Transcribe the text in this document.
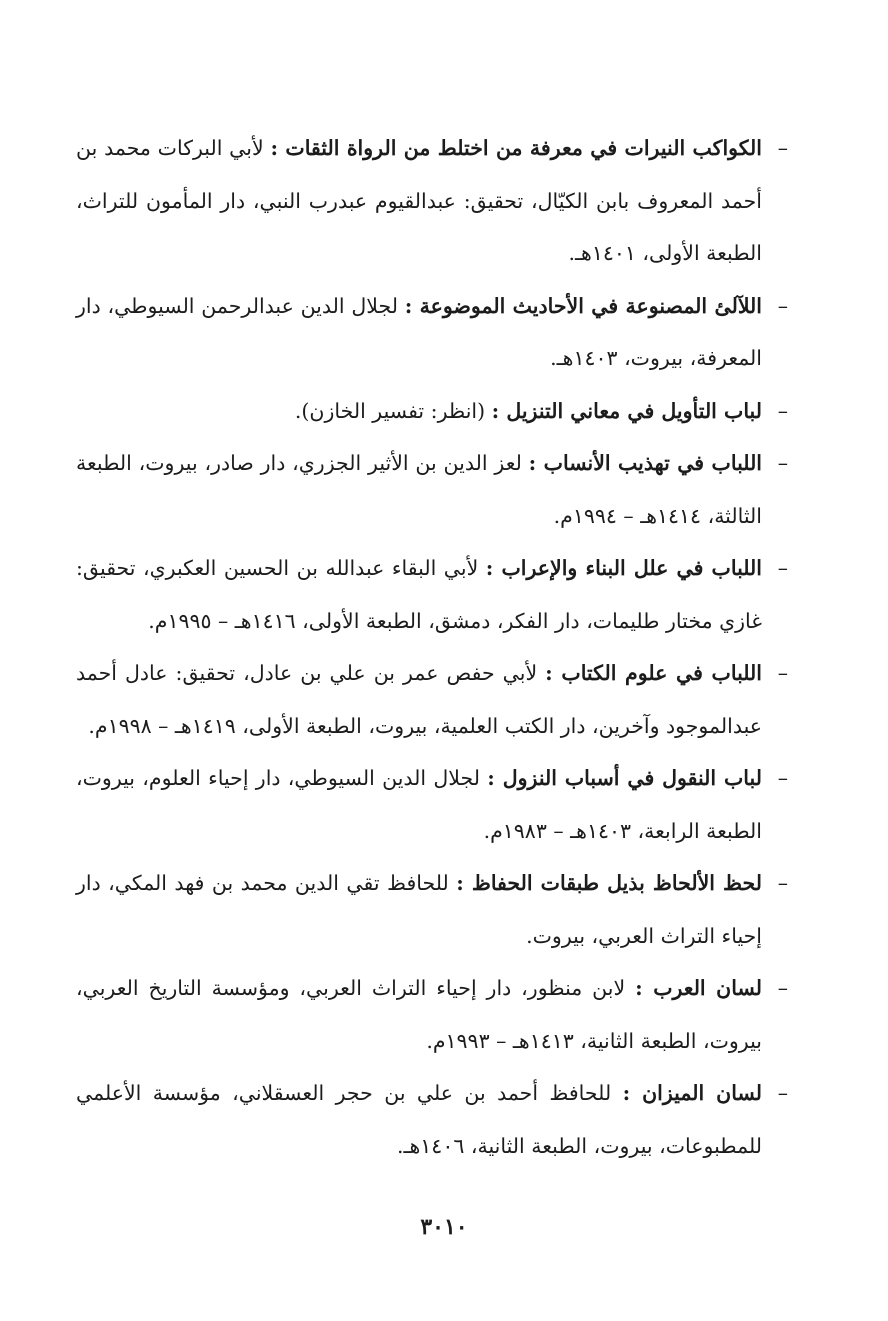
–
الكواكب النيرات في معرفة من اختلط من الرواة الثقات : لأبي البركات محمد بن أحمد المعروف بابن الكيّال، تحقيق: عبدالقيوم عبدرب النبي، دار المأمون للتراث، الطبعة الأولى، ١٤٠١هـ.

–
اللآلئ المصنوعة في الأحاديث الموضوعة : لجلال الدين عبدالرحمن السيوطي، دار المعرفة، بيروت، ١٤٠٣هـ.

–
لباب التأويل في معاني التنزيل : (انظر: تفسير الخازن).

–
اللباب في تهذيب الأنساب : لعز الدين بن الأثير الجزري، دار صادر، بيروت، الطبعة الثالثة، ١٤١٤هـ – ١٩٩٤م.

–
اللباب في علل البناء والإعراب : لأبي البقاء عبدالله بن الحسين العكبري، تحقيق: غازي مختار طليمات، دار الفكر، دمشق، الطبعة الأولى، ١٤١٦هـ – ١٩٩٥م.

–
اللباب في علوم الكتاب : لأبي حفص عمر بن علي بن عادل، تحقيق: عادل أحمد عبدالموجود وآخرين، دار الكتب العلمية، بيروت، الطبعة الأولى، ١٤١٩هـ – ١٩٩٨م.

–
لباب النقول في أسباب النزول : لجلال الدين السيوطي، دار إحياء العلوم، بيروت، الطبعة الرابعة، ١٤٠٣هـ – ١٩٨٣م.

–
لحظ الألحاظ بذيل طبقات الحفاظ : للحافظ تقي الدين محمد بن فهد المكي، دار إحياء التراث العربي، بيروت.

–
لسان العرب : لابن منظور، دار إحياء التراث العربي، ومؤسسة التاريخ العربي، بيروت، الطبعة الثانية، ١٤١٣هـ – ١٩٩٣م.

–
لسان الميزان : للحافظ أحمد بن علي بن حجر العسقلاني، مؤسسة الأعلمي للمطبوعات، بيروت، الطبعة الثانية، ١٤٠٦هـ.

٣٠١٠
